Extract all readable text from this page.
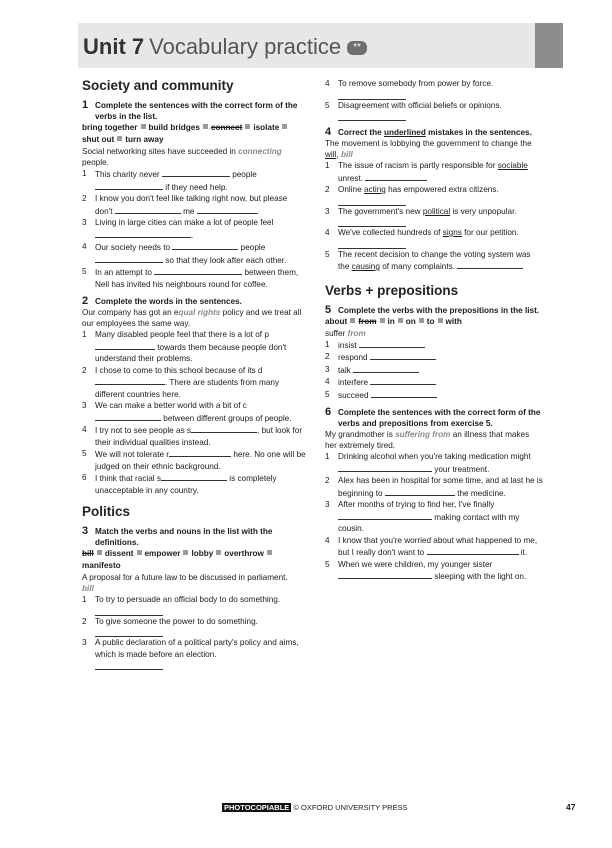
Unit 7 Vocabulary practice **
Society and community
1 Complete the sentences with the correct form of the verbs in the list.
bring together build bridges connect isolate
shut out turn away
Social networking sites have succeeded in connecting
people.
1	This charity never	people
if they need help.
2	I know you don't feel like talking right now, but please don't	me	.
3	Living in large cities can make a lot of people feel
.
4	Our society needs to	people
so that they look after each other.
5	In an attempt to	between them, Neil has invited his neighbours round for coffee.
2 Complete the words in the sentences.
Our company has got an equal rights policy and we treat all our employees the same way.
1	Many disabled people feel that there is a lot of p towards them because people don't understand their problems.
2	I chose to come to this school because of its d. There are students from many different countries here.
3	We can make a better world with a bit of c between different groups of people.
4	I try not to see people as s	, but look for their individual qualities instead.
5	We will not tolerate r	here. No one will be judged on their ethnic background.
6	I think that racial s	is completely unacceptable in any country.
Politics
3 Match the verbs and nouns in the list with the definitions.
bill dissent empower lobby overthrow
manifesto
A proposal for a future law to be discussed in parliament.
bill
1	To try to persuade an official body to do something.
2	To give someone the power to do something.
3	A public declaration of a political party's policy and aims, which is made before an election.
4	To remove somebody from power by force.
5	Disagreement with official beliefs or opinions.
4 Correct the underlined mistakes in the sentences.
The movement is lobbying the government to change the will, bill
1	The issue of racism is partly responsible for sociable unrest.
2	Online acting has empowered extra citizens.
3	The government's new political is very unpopular.
4	We've collected hundreds of signs for our petition.
5	The recent decision to change the voting system was the causing of many complaints.
Verbs + prepositions
5 Complete the verbs with the prepositions in the list.
about from in on to with
suffer from
1	insist
2	respond
3	talk
4	interfere
5	succeed
6 Complete the sentences with the correct form of the verbs and prepositions from exercise 5.
My grandmother is suffering from an illness that makes her extremely tired.
1	Drinking alcohol when you're taking medication might
your treatment.
2	Alex has been in hospital for some time, and at last he is beginning to	the medicine.
3	After months of trying to find her, I've finally
making contact with my cousin.
4	I know that you're worried about what happened to me, but I really don't want to	it.
5	When we were children, my younger sister
sleeping with the light on.
PHOTOCOPIABLE © OXFORD UNIVERSITY PRESS	47
